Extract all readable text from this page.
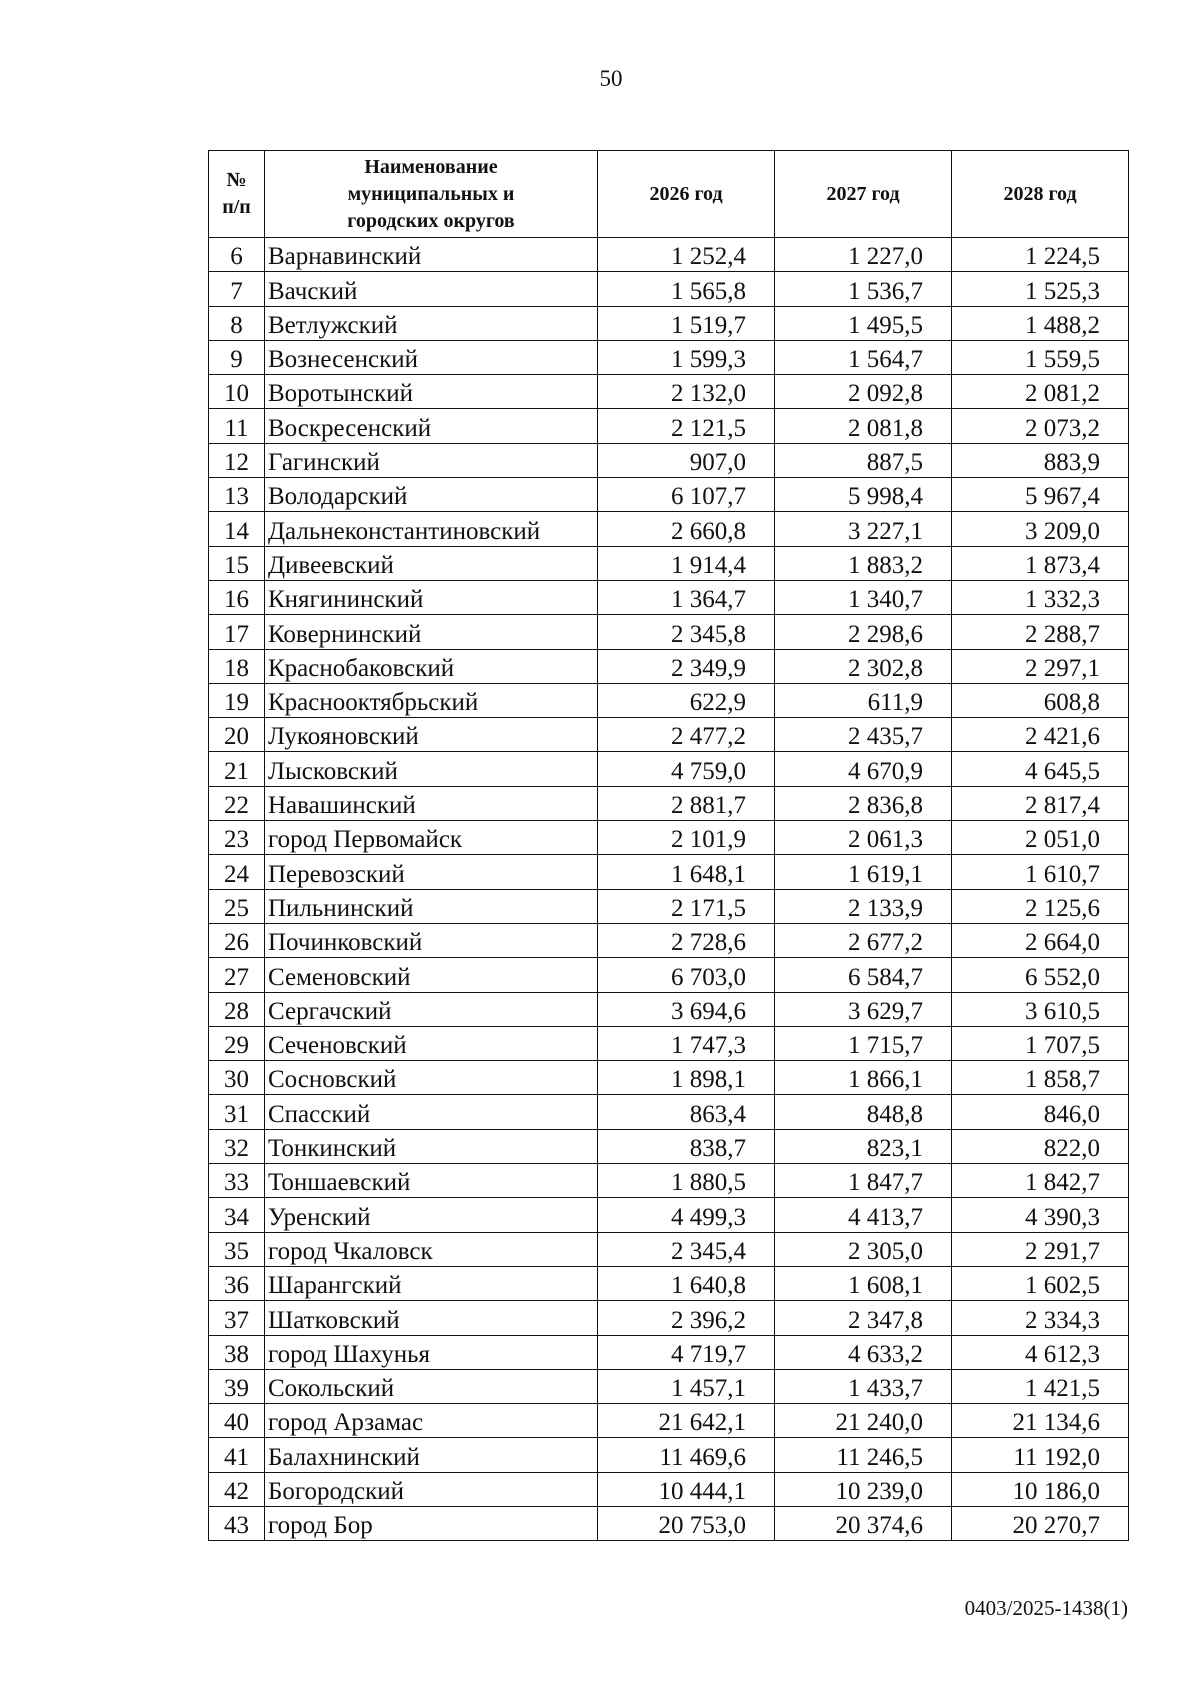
50
№ п/п	Наименование муниципальных и городских округов	2026 год	2027 год	2028 год
6	Варнавинский	1 252,4	1 227,0	1 224,5
7	Вачский	1 565,8	1 536,7	1 525,3
8	Ветлужский	1 519,7	1 495,5	1 488,2
9	Вознесенский	1 599,3	1 564,7	1 559,5
10	Воротынский	2 132,0	2 092,8	2 081,2
11	Воскресенский	2 121,5	2 081,8	2 073,2
12	Гагинский	907,0	887,5	883,9
13	Володарский	6 107,7	5 998,4	5 967,4
14	Дальнеконстантиновский	2 660,8	3 227,1	3 209,0
15	Дивеевский	1 914,4	1 883,2	1 873,4
16	Княгининский	1 364,7	1 340,7	1 332,3
17	Ковернинский	2 345,8	2 298,6	2 288,7
18	Краснобаковский	2 349,9	2 302,8	2 297,1
19	Краснооктябрьский	622,9	611,9	608,8
20	Лукояновский	2 477,2	2 435,7	2 421,6
21	Лысковский	4 759,0	4 670,9	4 645,5
22	Навашинский	2 881,7	2 836,8	2 817,4
23	город Первомайск	2 101,9	2 061,3	2 051,0
24	Перевозский	1 648,1	1 619,1	1 610,7
25	Пильнинский	2 171,5	2 133,9	2 125,6
26	Починковский	2 728,6	2 677,2	2 664,0
27	Семеновский	6 703,0	6 584,7	6 552,0
28	Сергачский	3 694,6	3 629,7	3 610,5
29	Сеченовский	1 747,3	1 715,7	1 707,5
30	Сосновский	1 898,1	1 866,1	1 858,7
31	Спасский	863,4	848,8	846,0
32	Тонкинский	838,7	823,1	822,0
33	Тоншаевский	1 880,5	1 847,7	1 842,7
34	Уренский	4 499,3	4 413,7	4 390,3
35	город Чкаловск	2 345,4	2 305,0	2 291,7
36	Шарангский	1 640,8	1 608,1	1 602,5
37	Шатковский	2 396,2	2 347,8	2 334,3
38	город Шахунья	4 719,7	4 633,2	4 612,3
39	Сокольский	1 457,1	1 433,7	1 421,5
40	город Арзамас	21 642,1	21 240,0	21 134,6
41	Балахнинский	11 469,6	11 246,5	11 192,0
42	Богородский	10 444,1	10 239,0	10 186,0
43	город Бор	20 753,0	20 374,6	20 270,7
0403/2025-1438(1)
